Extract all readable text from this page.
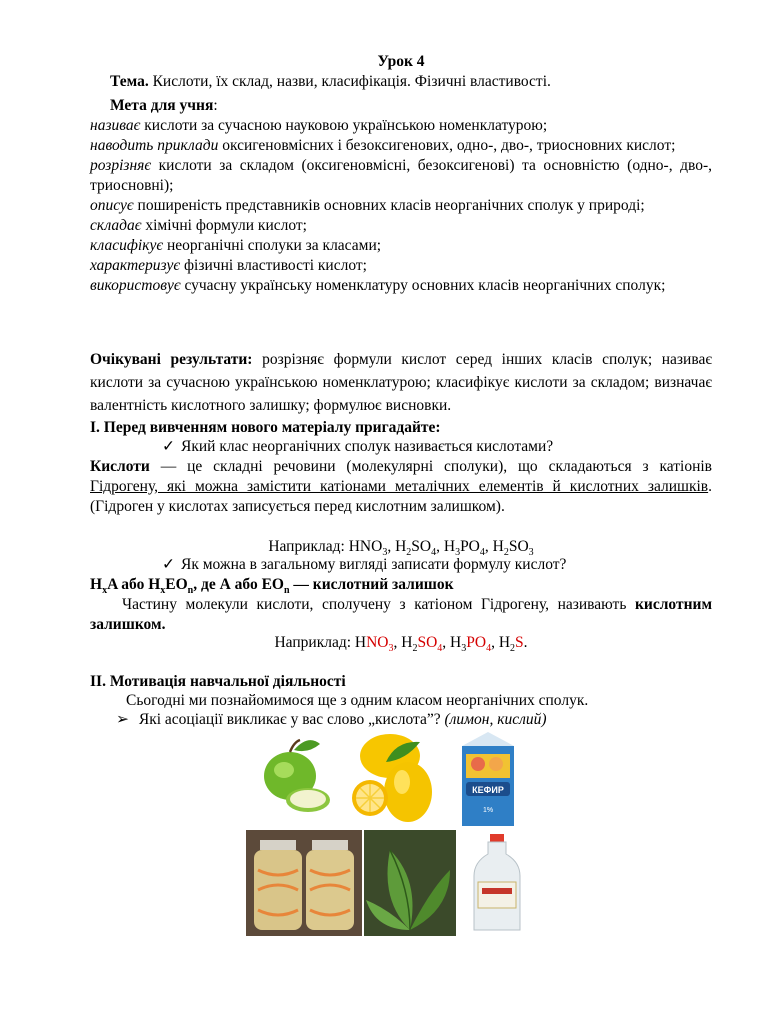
Урок 4
Тема. Кислоти, їх склад, назви, класифікація. Фізичні властивості.
Мета для учня:
називає кислоти за сучасною науковою українською номенклатурою;
наводить приклади оксигеновмісних і безоксигенових, одно-, дво-, триосновних кислот;
розрізняє кислоти за складом (оксигеновмісні, безоксигенові) та основністю (одно-, дво-, триосновні);
описує поширеність представників основних класів неорганічних сполук у природі;
складає хімічні формули кислот;
класифікує неорганічні сполуки за класами;
характеризує фізичні властивості кислот;
використовує сучасну українську номенклатуру основних класів неорганічних сполук;
Очікувані результати: розрізняє формули кислот серед інших класів сполук; називає кислоти за сучасною українською номенклатурою; класифікує кислоти за складом; визначає валентність кислотного залишку; формулює висновки.
І. Перед вивченням нового матеріалу пригадайте:
✓ Який клас неорганічних сполук називається кислотами?
Кислоти — це складні речовини (молекулярні сполуки), що складаються з катіонів Гідрогену, які можна замістити катіонами металічних елементів й кислотних залишків. (Гідроген у кислотах записується перед кислотним залишком).
Наприклад: $HNO_3$, $H_2SO_4$, $H_3PO_4$, $H_2SO_3$
✓ Як можна в загальному вигляді записати формулу кислот?
$H_xA$ або $H_xEO_n$, де А або $ЕO_n$ — кислотний залишок
Частину молекули кислоти, сполучену з катіоном Гідрогену, називають кислотним залишком.
Наприклад: $HNO_3$, $H_2SO_4$, $H_3PO_4$, $H_2S$.
ІІ. Мотивація навчальної діяльності
Сьогодні ми познайомимося ще з одним класом неорганічних сполук.
➢ Які асоціації викликає у вас слово „кислота”? (лимон, кислий)
КЕФИР
1%
